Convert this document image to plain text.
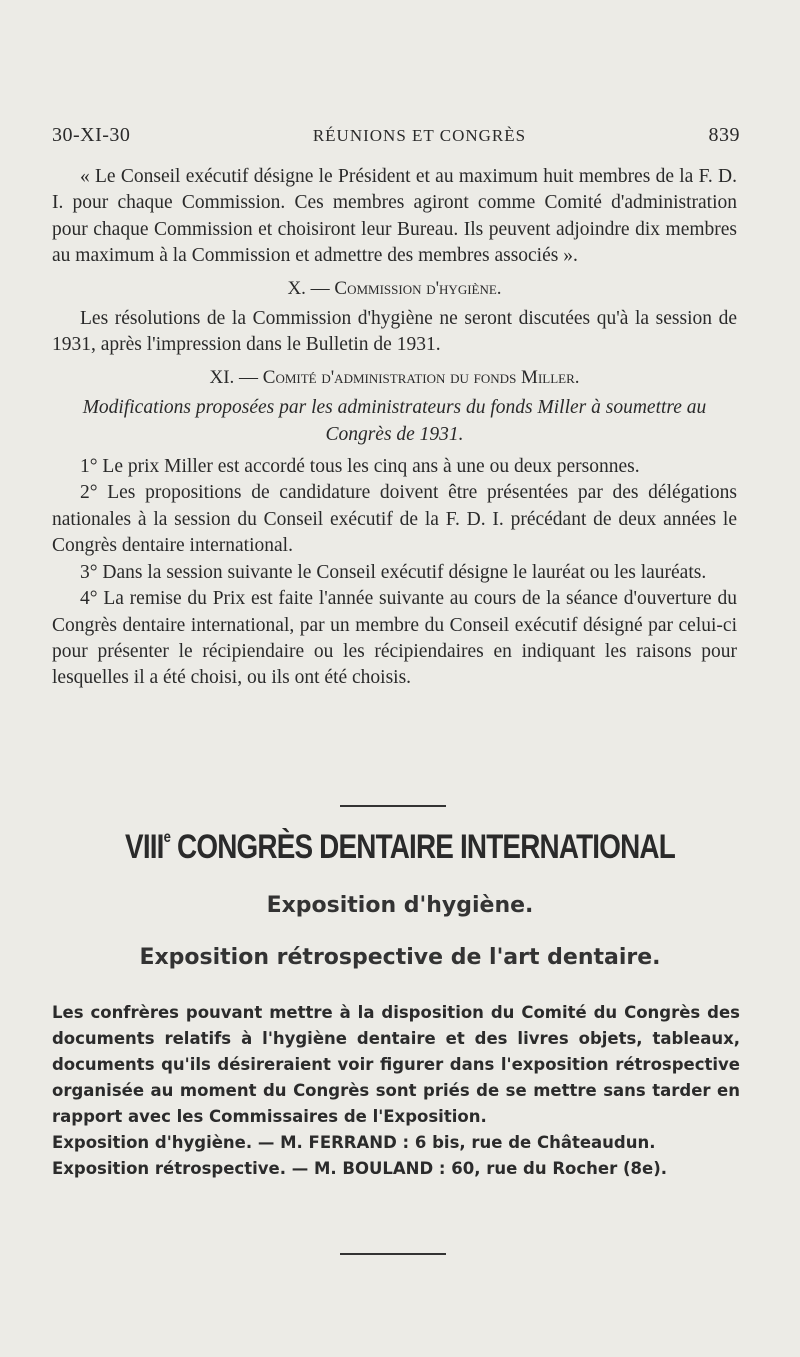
30-XI-30	RÉUNIONS ET CONGRÈS	839

« Le Conseil exécutif désigne le Président et au maximum huit membres de la F. D. I. pour chaque Commission. Ces membres agiront comme Comité d'administration pour chaque Commission et choisiront leur Bureau. Ils peuvent adjoindre dix membres au maximum à la Commission et admettre des membres associés ».

X. — Commission d'hygiène.

Les résolutions de la Commission d'hygiène ne seront discutées qu'à la session de 1931, après l'impression dans le Bulletin de 1931.

XI. — Comité d'administration du fonds Miller.

Modifications proposées par les administrateurs du fonds Miller à soumettre au Congrès de 1931.

1° Le prix Miller est accordé tous les cinq ans à une ou deux personnes.

2° Les propositions de candidature doivent être présentées par des délégations nationales à la session du Conseil exécutif de la F. D. I. précédant de deux années le Congrès dentaire international.

3° Dans la session suivante le Conseil exécutif désigne le lauréat ou les lauréats.

4° La remise du Prix est faite l'année suivante au cours de la séance d'ouverture du Congrès dentaire international, par un membre du Conseil exécutif désigné par celui-ci pour présenter le récipiendaire ou les récipiendaires en indiquant les raisons pour lesquelles il a été choisi, ou ils ont été choisis.

VIIIe CONGRÈS DENTAIRE INTERNATIONAL
Exposition d'hygiène.
Exposition rétrospective de l'art dentaire.

Les confrères pouvant mettre à la disposition du Comité du Congrès des documents relatifs à l'hygiène dentaire et des livres objets, tableaux, documents qu'ils désireraient voir figurer dans l'exposition rétrospective organisée au moment du Congrès sont priés de se mettre sans tarder en rapport avec les Commissaires de l'Exposition.

Exposition d'hygiène. — M. FERRAND : 6 bis, rue de Châteaudun.

Exposition rétrospective. — M. BOULAND : 60, rue du Rocher (8e).
